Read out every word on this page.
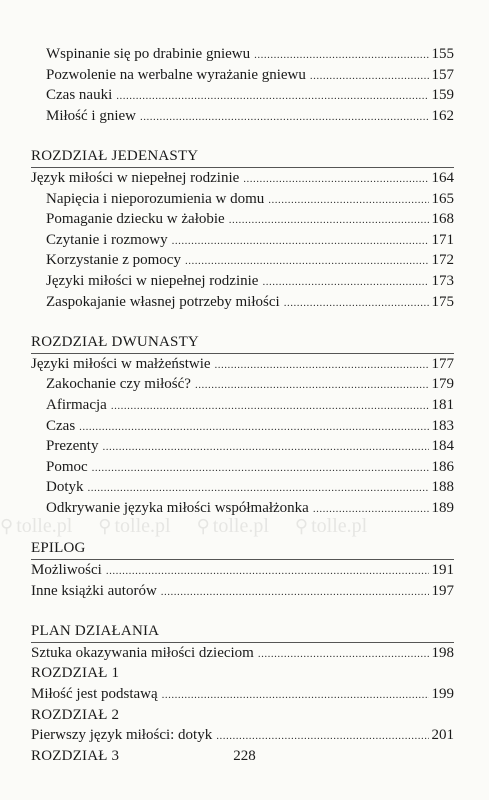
⚲ tolle.pl ⚲ tolle.pl ⚲ tolle.pl ⚲ tolle.pl
Wspinanie się po drabinie gniewu .....	155
Pozwolenie na werbalne wyrażanie gniewu .....	157
Czas nauki .....	159
Miłość i gniew .....	162
ROZDZIAŁ JEDENASTY
Język miłości w niepełnej rodzinie .....	164
Napięcia i nieporozumienia w domu .....	165
Pomaganie dziecku w żałobie .....	168
Czytanie i rozmowy .....	171
Korzystanie z pomocy .....	172
Języki miłości w niepełnej rodzinie .....	173
Zaspokajanie własnej potrzeby miłości .....	175
ROZDZIAŁ DWUNASTY
Języki miłości w małżeństwie .....	177
Zakochanie czy miłość? .....	179
Afirmacja .....	181
Czas .....	183
Prezenty .....	184
Pomoc .....	186
Dotyk .....	188
Odkrywanie języka miłości współmałżonka .....	189
EPILOG
Możliwości .....	191
Inne książki autorów .....	197
PLAN DZIAŁANIA
Sztuka okazywania miłości dzieciom .....	198
ROZDZIAŁ 1
Miłość jest podstawą .....	199
ROZDZIAŁ 2
Pierwszy język miłości: dotyk .....	201
ROZDZIAŁ 3	228
